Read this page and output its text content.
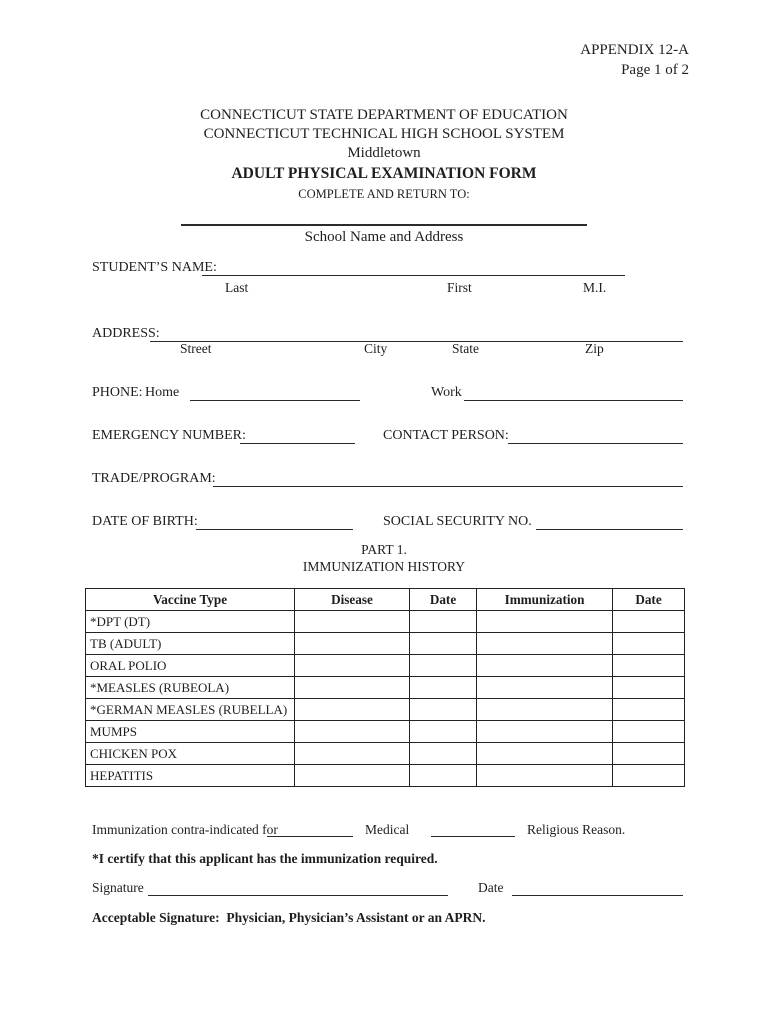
APPENDIX 12-A
Page 1 of 2
CONNECTICUT STATE DEPARTMENT OF EDUCATION
CONNECTICUT TECHNICAL HIGH SCHOOL SYSTEM
Middletown
ADULT PHYSICAL EXAMINATION FORM
COMPLETE AND RETURN TO:
School Name and Address
STUDENT’S NAME:
Last	First	M.I.
ADDRESS:
Street	City	State	Zip
PHONE: Home	Work
EMERGENCY NUMBER:	CONTACT PERSON:
TRADE/PROGRAM:
DATE OF BIRTH:	SOCIAL SECURITY NO.
PART 1.
IMMUNIZATION HISTORY
Vaccine Type	Disease	Date	Immunization	Date
*DPT (DT)				
TB (ADULT)				
ORAL POLIO				
*MEASLES (RUBEOLA)				
*GERMAN MEASLES (RUBELLA)				
MUMPS				
CHICKEN POX				
HEPATITIS				
Immunization contra-indicated for	Medical	Religious Reason.
*I certify that this applicant has the immunization required.
Signature	Date
Acceptable Signature:  Physician, Physician’s Assistant or an APRN.
